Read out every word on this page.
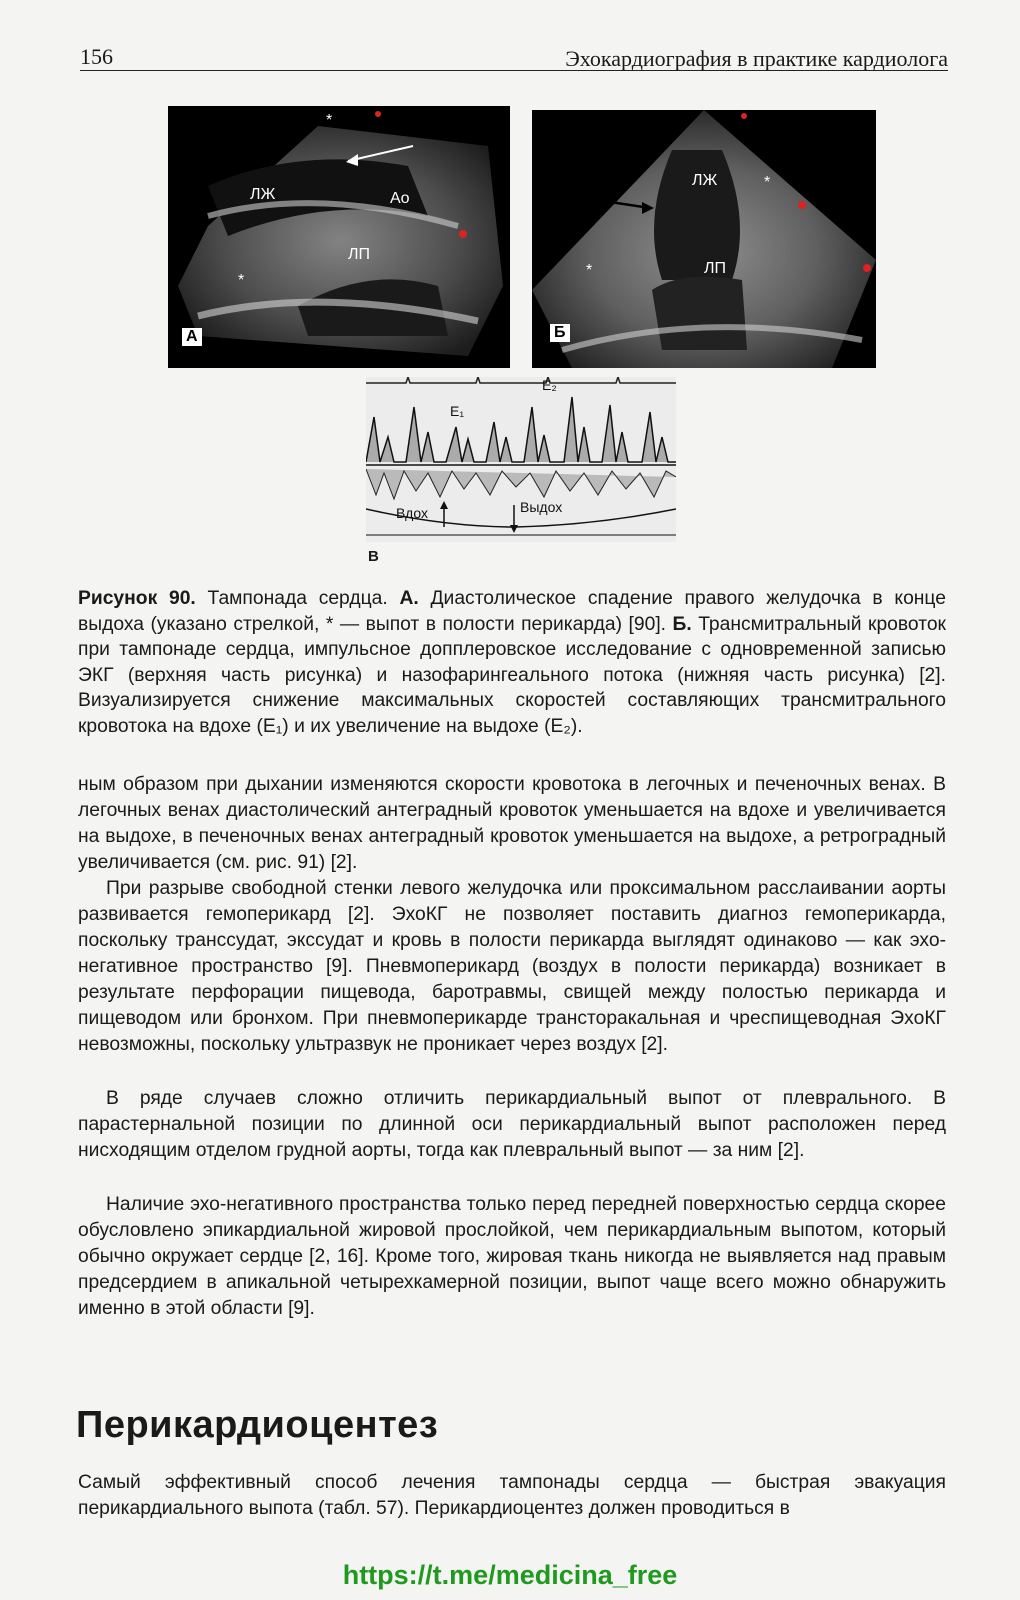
156	Эхокардиография в практике кардиолога
*
ЛЖ	Ао
ЛП
*
А
ЛЖ	*
ЛП
*
Б
E₁
E₂
Вдох	Выдох
В
Рисунок 90. Тампонада сердца. А. Диастолическое спадение правого желудочка в конце выдоха (указано стрелкой, * — выпот в полости перикарда) [90]. Б. Трансмитральный кровоток при тампонаде сердца, импульсное допплеровское исследование с одновременной записью ЭКГ (верхняя часть рисунка) и назофарингеального потока (нижняя часть рисунка) [2]. Визуализируется снижение максимальных скоростей составляющих трансмитрального кровотока на вдохе (E₁) и их увеличение на выдохе (E₂).

ным образом при дыхании изменяются скорости кровотока в легочных и печеночных венах. В легочных венах диастолический антеградный кровоток уменьшается на вдохе и увеличивается на выдохе, в печеночных венах антеградный кровоток уменьшается на выдохе, а ретроградный увеличивается (см. рис. 91) [2].

При разрыве свободной стенки левого желудочка или проксимальном расслаивании аорты развивается гемоперикард [2]. ЭхоКГ не позволяет поставить диагноз гемоперикарда, поскольку транссудат, экссудат и кровь в полости перикарда выглядят одинаково — как эхо-негативное пространство [9]. Пневмоперикард (воздух в полости перикарда) возникает в результате перфорации пищевода, баротравмы, свищей между полостью перикарда и пищеводом или бронхом. При пневмоперикарде трансторакальная и чреспищеводная ЭхоКГ невозможны, поскольку ультразвук не проникает через воздух [2].

В ряде случаев сложно отличить перикардиальный выпот от плеврального. В парастернальной позиции по длинной оси перикардиальный выпот расположен перед нисходящим отделом грудной аорты, тогда как плевральный выпот — за ним [2].

Наличие эхо-негативного пространства только перед передней поверхностью сердца скорее обусловлено эпикардиальной жировой прослойкой, чем перикардиальным выпотом, который обычно окружает сердце [2, 16]. Кроме того, жировая ткань никогда не выявляется над правым предсердием в апикальной четырехкамерной позиции, выпот чаще всего можно обнаружить именно в этой области [9].

Перикардиоцентез

Самый эффективный способ лечения тампонады сердца — быстрая эвакуация перикардиального выпота (табл. 57). Перикардиоцентез должен проводиться в

https://t.me/medicina_free
